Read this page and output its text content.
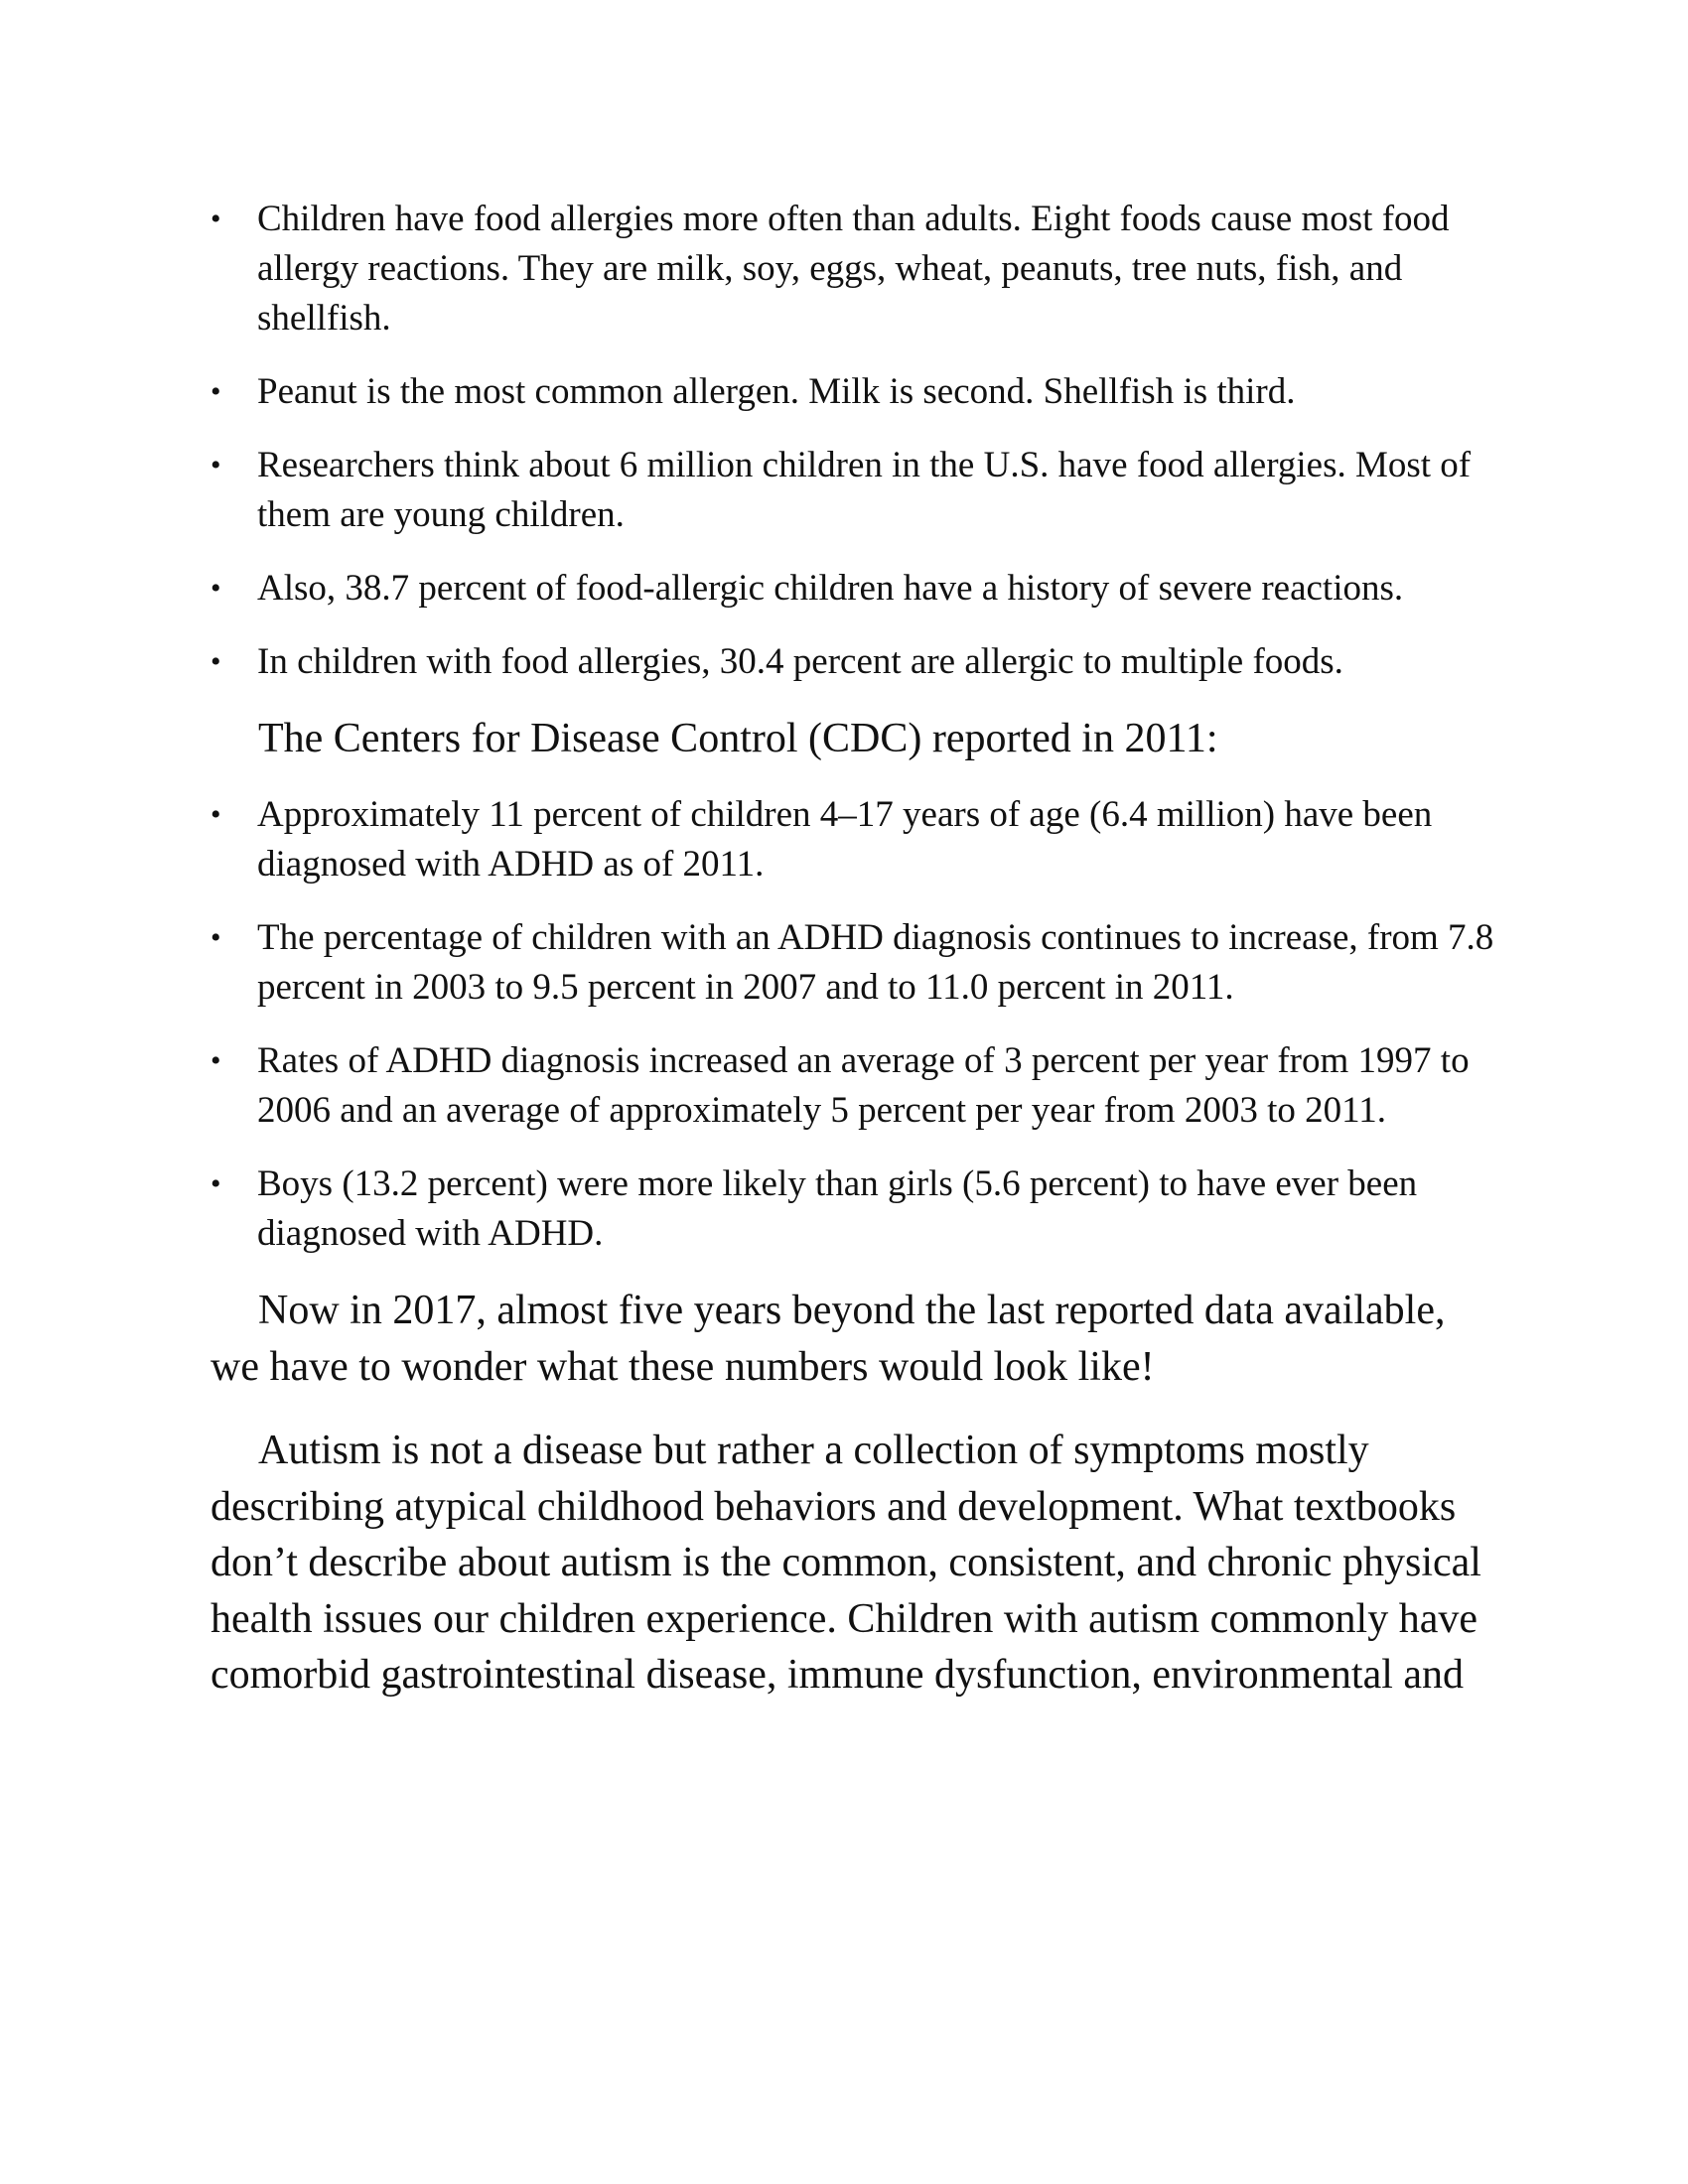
• Children have food allergies more often than adults. Eight foods cause most food allergy reactions. They are milk, soy, eggs, wheat, peanuts, tree nuts, fish, and shellfish.
• Peanut is the most common allergen. Milk is second. Shellfish is third.
• Researchers think about 6 million children in the U.S. have food allergies. Most of them are young children.
• Also, 38.7 percent of food-allergic children have a history of severe reactions.
• In children with food allergies, 30.4 percent are allergic to multiple foods.

The Centers for Disease Control (CDC) reported in 2011:

• Approximately 11 percent of children 4–17 years of age (6.4 million) have been diagnosed with ADHD as of 2011.
• The percentage of children with an ADHD diagnosis continues to increase, from 7.8 percent in 2003 to 9.5 percent in 2007 and to 11.0 percent in 2011.
• Rates of ADHD diagnosis increased an average of 3 percent per year from 1997 to 2006 and an average of approximately 5 percent per year from 2003 to 2011.
• Boys (13.2 percent) were more likely than girls (5.6 percent) to have ever been diagnosed with ADHD.

Now in 2017, almost five years beyond the last reported data available, we have to wonder what these numbers would look like!

Autism is not a disease but rather a collection of symptoms mostly describing atypical childhood behaviors and development. What textbooks don’t describe about autism is the common, consistent, and chronic physical health issues our children experience. Children with autism commonly have comorbid gastrointestinal disease, immune dysfunction, environmental and
